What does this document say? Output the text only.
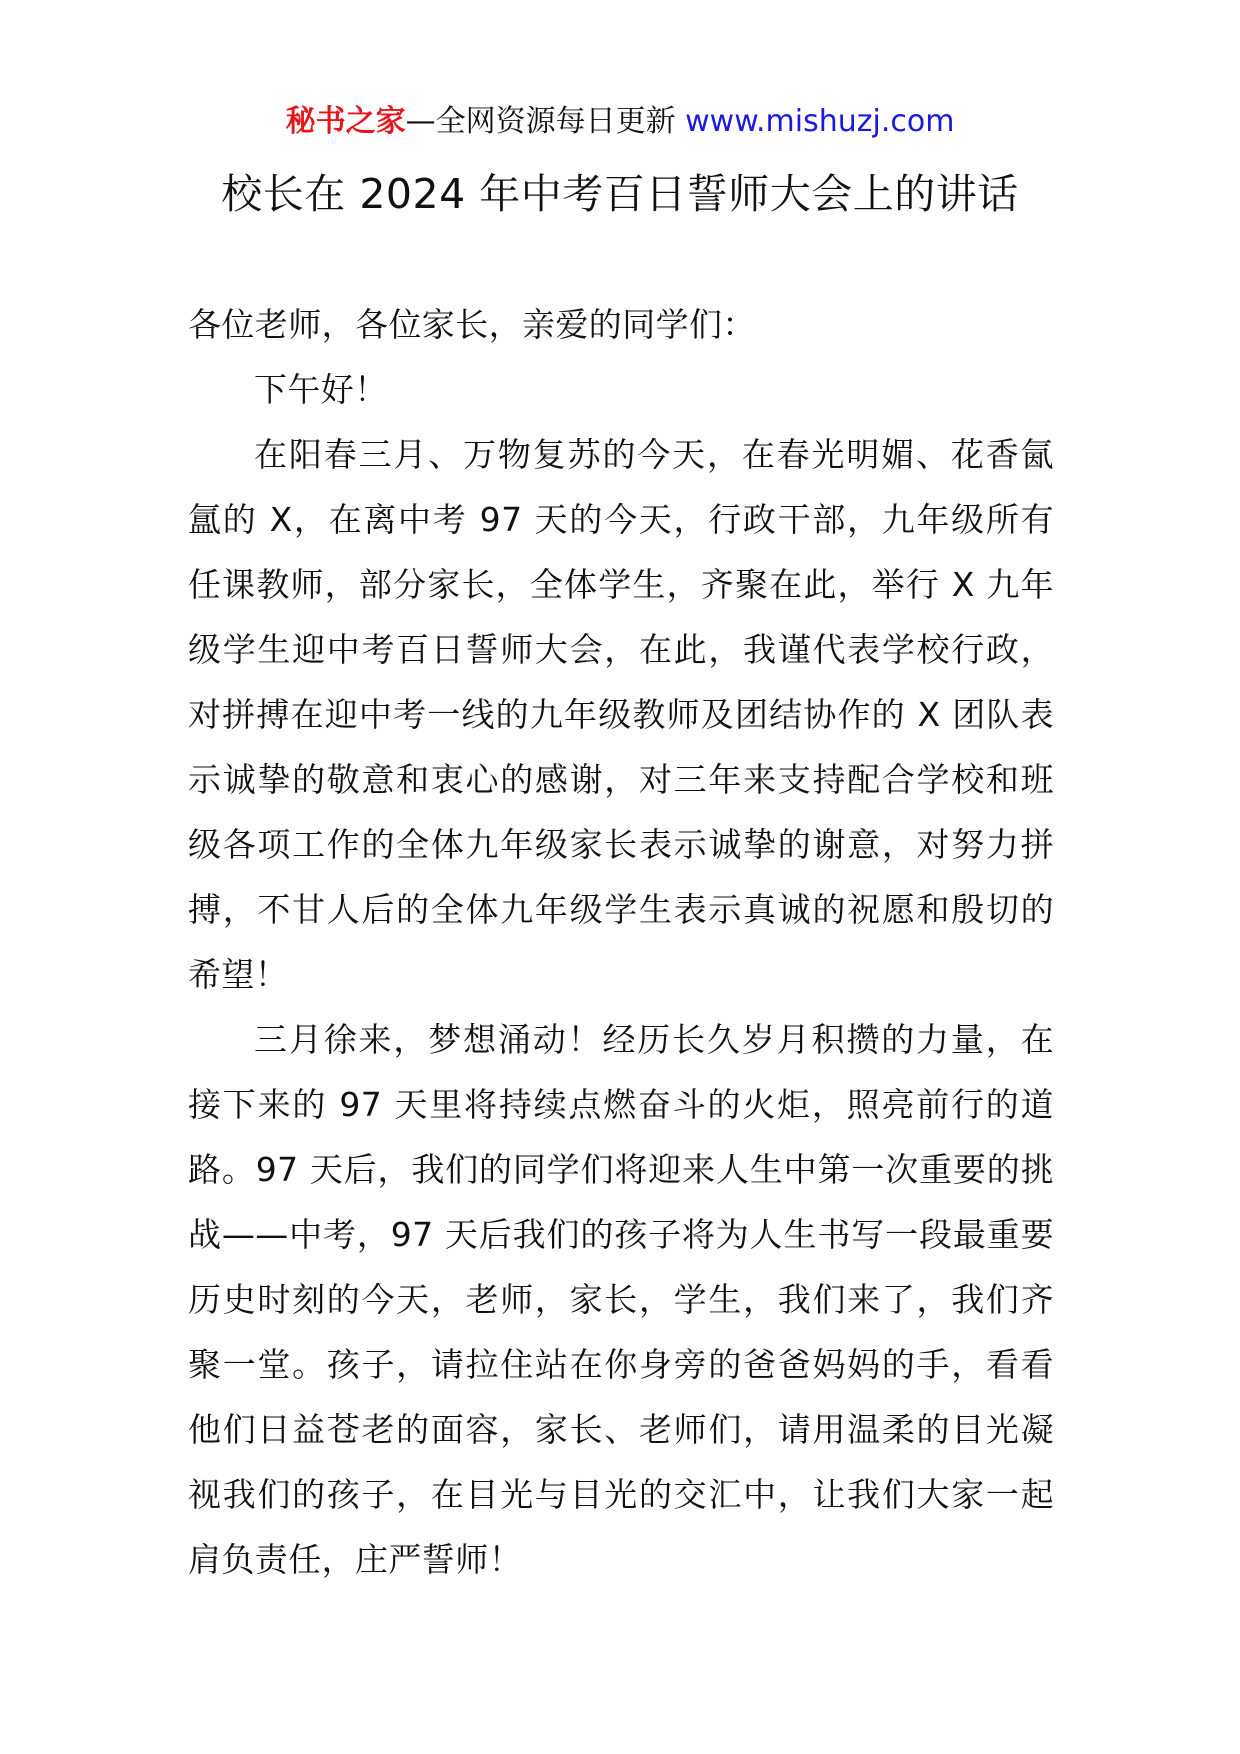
秘书之家—全网资源每日更新 www.mishuzj.com
校长在 2024 年中考百日誓师大会上的讲话

各位老师，各位家长，亲爱的同学们：

下午好！

在阳春三月、万物复苏的今天，在春光明媚、花香氤氲的 X，在离中考 97 天的今天，行政干部，九年级所有任课教师，部分家长，全体学生，齐聚在此，举行 X 九年级学生迎中考百日誓师大会，在此，我谨代表学校行政，对拼搏在迎中考一线的九年级教师及团结协作的 X 团队表示诚挚的敬意和衷心的感谢，对三年来支持配合学校和班级各项工作的全体九年级家长表示诚挚的谢意，对努力拼搏，不甘人后的全体九年级学生表示真诚的祝愿和殷切的希望！

三月徐来，梦想涌动！经历长久岁月积攒的力量，在接下来的 97 天里将持续点燃奋斗的火炬，照亮前行的道路。97 天后，我们的同学们将迎来人生中第一次重要的挑战——中考，97 天后我们的孩子将为人生书写一段最重要历史时刻的今天，老师，家长，学生，我们来了，我们齐聚一堂。孩子，请拉住站在你身旁的爸爸妈妈的手，看看他们日益苍老的面容，家长、老师们，请用温柔的目光凝视我们的孩子，在目光与目光的交汇中，让我们大家一起肩负责任，庄严誓师！
